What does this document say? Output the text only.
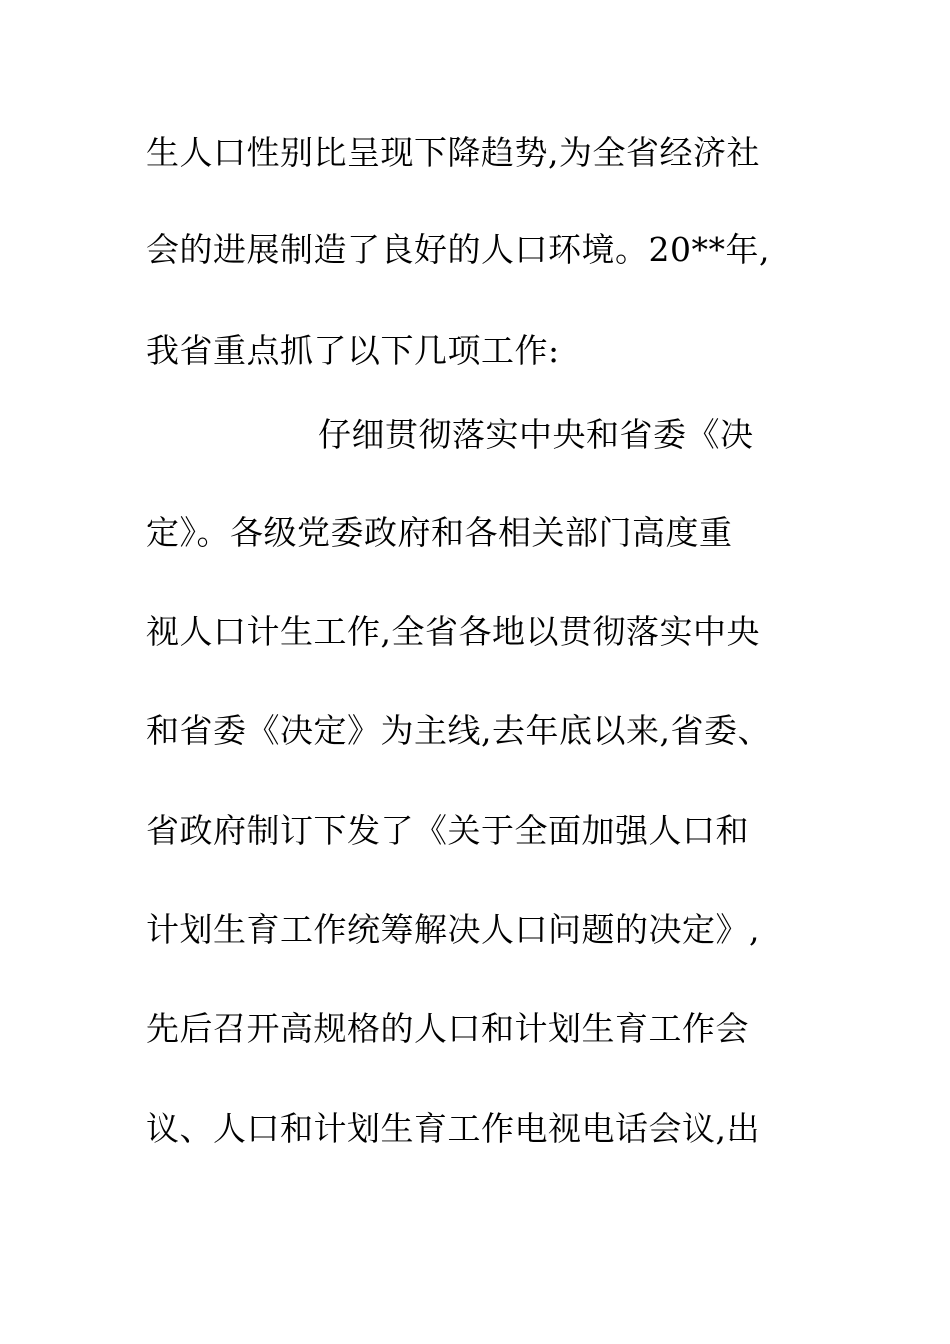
生人口性别比呈现下降趋势,为全省经济社
会的进展制造了良好的人口环境。20**年,
我省重点抓了以下几项工作:
仔细贯彻落实中央和省委《决
定》。各级党委政府和各相关部门高度重
视人口计生工作,全省各地以贯彻落实中央
和省委《决定》为主线,去年底以来,省委、
省政府制订下发了《关于全面加强人口和
计划生育工作统筹解决人口问题的决定》,
先后召开高规格的人口和计划生育工作会
议、人口和计划生育工作电视电话会议,出
